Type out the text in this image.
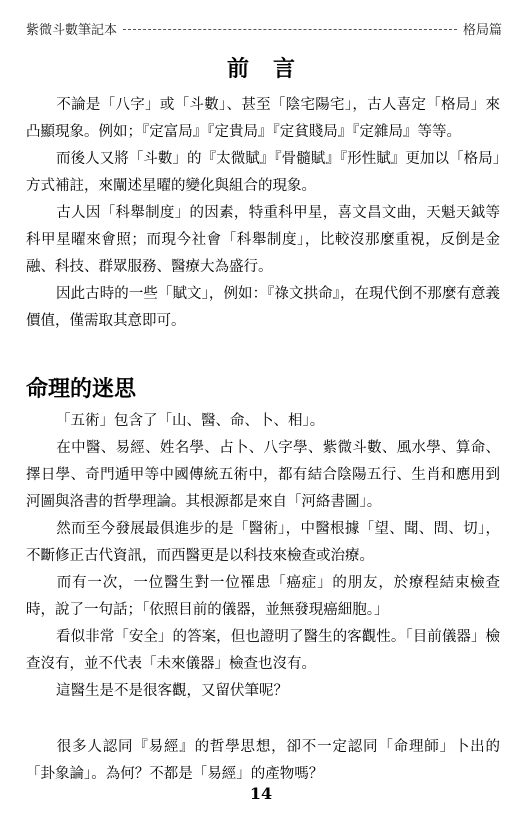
紫微斗數筆記本	格局篇
前言

不論是「八字」或「斗數」、甚至「陰宅陽宅」，古人喜定「格局」來凸顯現象。例如；『定富局』『定貴局』『定貧賤局』『定雜局』等等。

而後人又將「斗數」的『太微賦』『骨髓賦』『形性賦』更加以「格局」方式補註，來闡述星曜的變化與組合的現象。

古人因「科舉制度」的因素，特重科甲星，喜文昌文曲，天魁天鉞等科甲星曜來會照；而現今社會「科舉制度」，比較沒那麼重視，反倒是金融、科技、群眾服務、醫療大為盛行。

因此古時的一些「賦文」，例如：『祿文拱命』，在現代倒不那麼有意義價值，僅需取其意即可。

命理的迷思

「五術」包含了「山、醫、命、卜、相」。

在中醫、易經、姓名學、占卜、八字學、紫微斗數、風水學、算命、擇日學、奇門遁甲等中國傳統五術中，都有結合陰陽五行、生肖和應用到河圖與洛書的哲學理論。其根源都是來自「河絡書圖」。

然而至今發展最俱進步的是「醫術」，中醫根據「望、聞、問、切」，不斷修正古代資訊，而西醫更是以科技來檢查或治療。

而有一次，一位醫生對一位罹患「癌症」的朋友，於療程結束檢查時，說了一句話；「依照目前的儀器，並無發現癌細胞。」

看似非常「安全」的答案，但也證明了醫生的客觀性。「目前儀器」檢查沒有，並不代表「未來儀器」檢查也沒有。

這醫生是不是很客觀，又留伏筆呢？

很多人認同『易經』的哲學思想，卻不一定認同「命理師」卜出的「卦象論」。為何？不都是「易經」的產物嗎？

14
